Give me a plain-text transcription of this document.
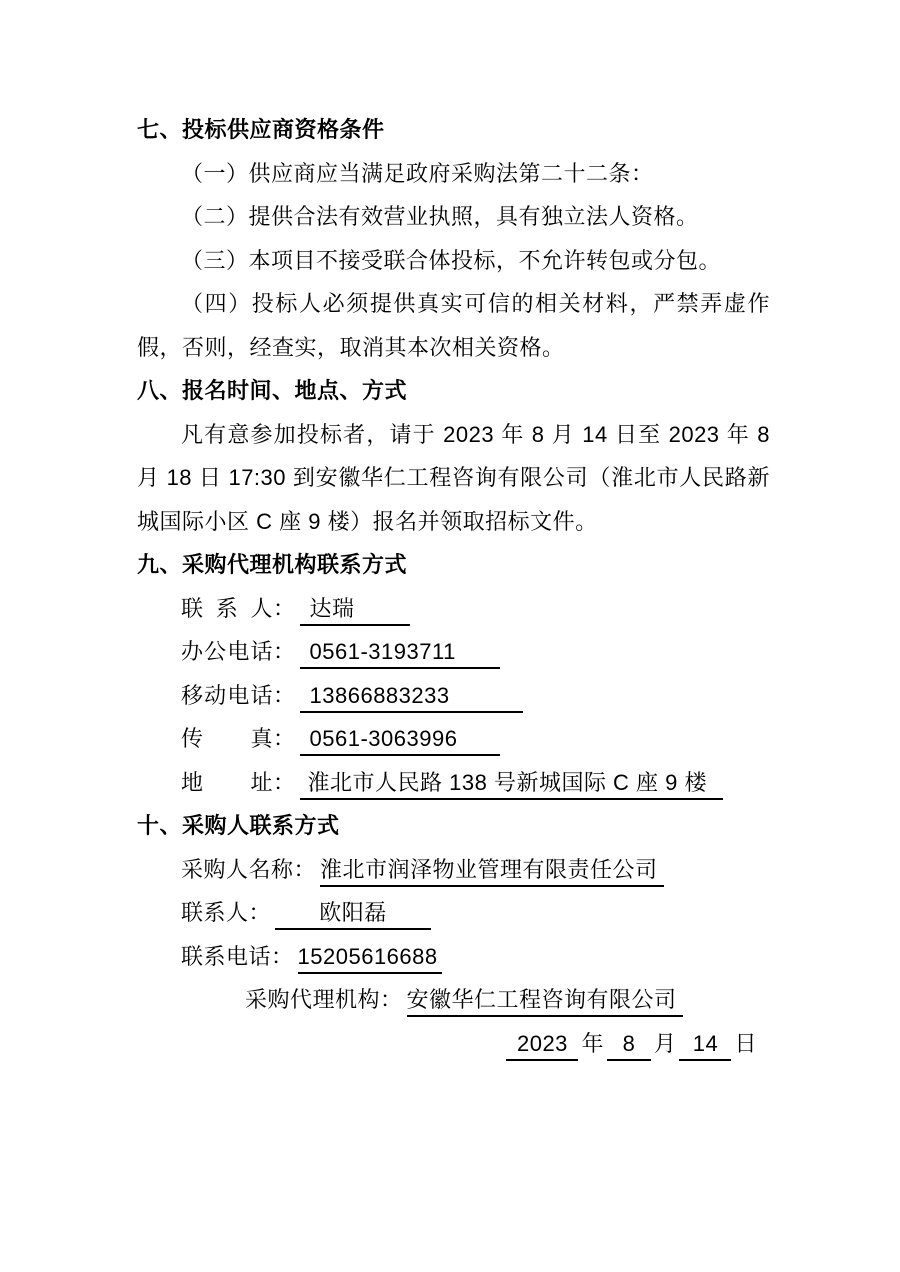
七、投标供应商资格条件

（一）供应商应当满足政府采购法第二十二条：

（二）提供合法有效营业执照，具有独立法人资格。

（三）本项目不接受联合体投标，不允许转包或分包。

（四）投标人必须提供真实可信的相关材料，严禁弄虚作假，否则，经查实，取消其本次相关资格。

八、报名时间、地点、方式

凡有意参加投标者，请于 2023 年 8 月 14 日至 2023 年 8 月 18 日 17:30 到安徽华仁工程咨询有限公司（淮北市人民路新城国际小区 C 座 9 楼）报名并领取招标文件。

九、采购代理机构联系方式

联系人： 达瑞

办公电话： 0561-3193711

移动电话： 13866883233

传真： 0561-3063996

地址： 淮北市人民路 138 号新城国际 C 座 9 楼

十、采购人联系方式

采购人名称： 淮北市润泽物业管理有限责任公司

联系人： 欧阳磊

联系电话： 15205616688

采购代理机构： 安徽华仁工程咨询有限公司

2023 年 8 月 14 日
